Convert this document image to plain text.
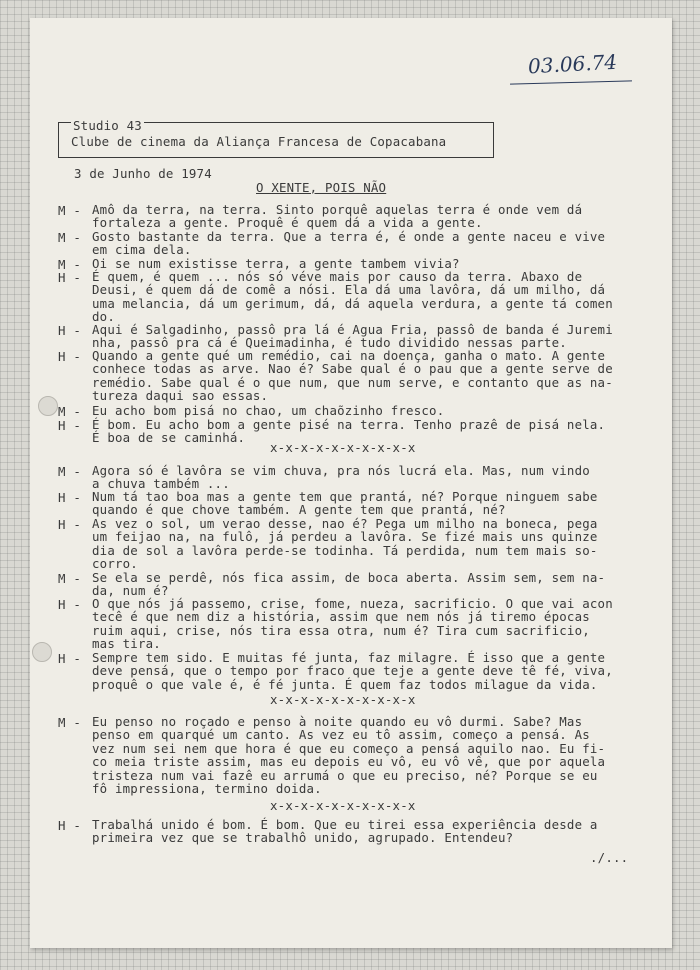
03.06.74
Studio 43
Clube de cinema da Aliança Francesa de Copacabana
3 de Junho de 1974
O XENTE, POIS NÃO
M - Amô da terra, na terra. Sinto porquê aquelas terra é onde vem dá
fortaleza a gente. Proquê é quem dá a vida a gente.
M - Gosto bastante da terra. Que a terra é, é onde a gente naceu e vive
em cima dela.
M - Oi se num existisse terra, a gente tambem vivia?
H - É quem, é quem ... nós só véve mais por causo da terra. Abaxo de
Deusi, é quem dá de comê a nósi. Ela dá uma lavôra, dá um milho, dá
uma melancia, dá um gerimum, dá, dá aquela verdura, a gente tá comen
do.
H - Aqui é Salgadinho, passô pra lá é Agua Fria, passô de banda é Juremi
nha, passô pra cá é Queimadinha, é tudo dividido nessas parte.
H - Quando a gente qué um remédio, cai na doença, ganha o mato. A gente
conhece todas as arve. Nao é? Sabe qual é o pau que a gente serve de
remédio. Sabe qual é o que num, que num serve, e contanto que as na-
tureza daqui sao essas.
M - Eu acho bom pisá no chao, um chaõzinho fresco.
H - É bom. Eu acho bom a gente pisé na terra. Tenho prazê de pisá nela.
É boa de se caminhá.
x-x-x-x-x-x-x-x-x-x
M - Agora só é lavôra se vim chuva, pra nós lucrá ela. Mas, num vindo
a chuva também ...
H - Num tá tao boa mas a gente tem que prantá, né? Porque ninguem sabe
quando é que chove também. A gente tem que prantá, né?
H - As vez o sol, um verao desse, nao é? Pega um milho na boneca, pega
um feijao na, na fulô, já perdeu a lavôra. Se fizé mais uns quinze
dia de sol a lavôra perde-se todinha. Tá perdida, num tem mais so-
corro.
M - Se ela se perdê, nós fica assim, de boca aberta. Assim sem, sem na-
da, num é?
H - O que nós já passemo, crise, fome, nueza, sacrificio. O que vai acon
tecê é que nem diz a história, assim que nem nós já tiremo épocas
ruim aqui, crise, nós tira essa otra, num é? Tira cum sacrificio,
mas tira.
H - Sempre tem sido. E muitas fé junta, faz milagre. É isso que a gente
deve pensá, que o tempo por fraco que teje a gente deve tê fé, viva,
proquê o que vale é, é fé junta. É quem faz todos milague da vida.
x-x-x-x-x-x-x-x-x-x
M - Eu penso no roçado e penso à noite quando eu vô durmi. Sabe? Mas
penso em quarqué um canto. As vez eu tô assim, começo a pensá. As
vez num sei nem que hora é que eu começo a pensá aquilo nao. Eu fi-
co meia triste assim, mas eu depois eu vô, eu vô vê, que por aquela
tristeza num vai fazê eu arrumá o que eu preciso, né? Porque se eu
fô impressiona, termino doida.
x-x-x-x-x-x-x-x-x-x
H - Trabalhá unido é bom. É bom. Que eu tirei essa experiência desde a
primeira vez que se trabalhô unido, agrupado. Entendeu?
./...
